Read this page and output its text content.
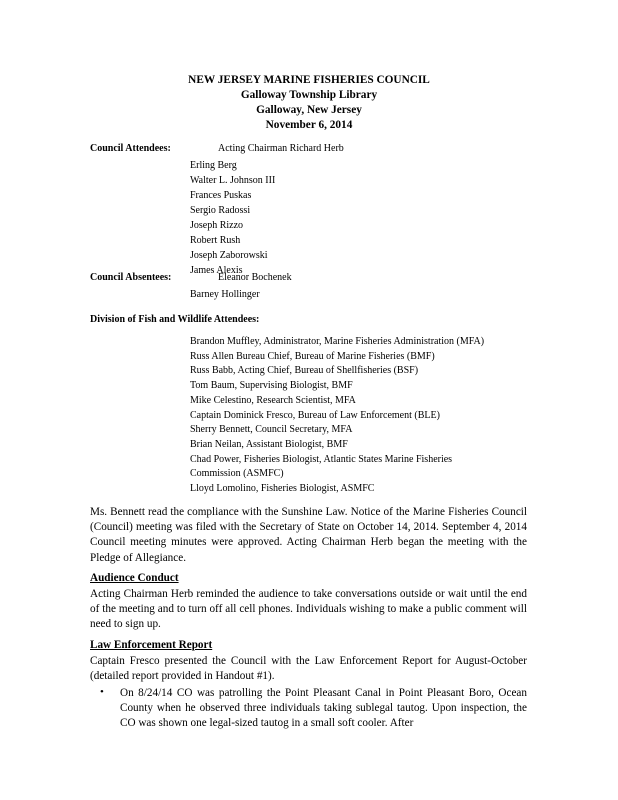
NEW JERSEY MARINE FISHERIES COUNCIL
Galloway Township Library
Galloway, New Jersey
November 6, 2014
Council Attendees:	Acting Chairman Richard Herb
Erling Berg
Walter L. Johnson III
Frances Puskas
Sergio Radossi
Joseph Rizzo
Robert Rush
Joseph Zaborowski
James Alexis
Council Absentees:	Eleanor Bochenek
Barney Hollinger
Division of Fish and Wildlife Attendees:
Brandon Muffley, Administrator, Marine Fisheries Administration (MFA)
Russ Allen Bureau Chief, Bureau of Marine Fisheries (BMF)
Russ Babb, Acting Chief, Bureau of Shellfisheries (BSF)
Tom Baum, Supervising Biologist, BMF
Mike Celestino, Research Scientist, MFA
Captain Dominick Fresco, Bureau of Law Enforcement (BLE)
Sherry Bennett, Council Secretary, MFA
Brian Neilan, Assistant Biologist, BMF
Chad Power, Fisheries Biologist, Atlantic States Marine Fisheries
Commission (ASMFC)
Lloyd Lomolino, Fisheries Biologist, ASMFC
Ms. Bennett read the compliance with the Sunshine Law. Notice of the Marine Fisheries Council (Council) meeting was filed with the Secretary of State on October 14, 2014. September 4, 2014 Council meeting minutes were approved. Acting Chairman Herb began the meeting with the Pledge of Allegiance.
Audience Conduct
Acting Chairman Herb reminded the audience to take conversations outside or wait until the end of the meeting and to turn off all cell phones. Individuals wishing to make a public comment will need to sign up.
Law Enforcement Report
Captain Fresco presented the Council with the Law Enforcement Report for August-October (detailed report provided in Handout #1).
• On 8/24/14 CO was patrolling the Point Pleasant Canal in Point Pleasant Boro, Ocean County when he observed three individuals taking sublegal tautog. Upon inspection, the CO was shown one legal-sized tautog in a small soft cooler. After
